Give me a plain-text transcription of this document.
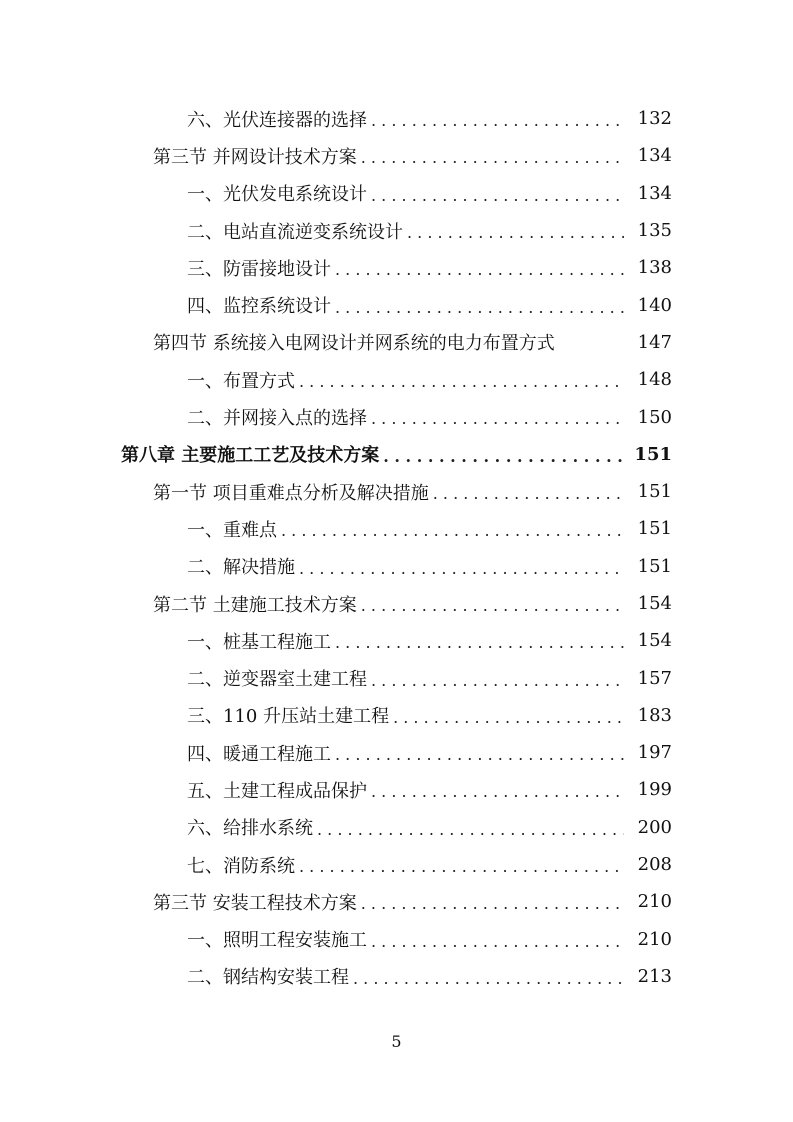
六、光伏连接器的选择 . . .	132
第三节 并网设计技术方案 . . .	134
一、光伏发电系统设计 . . .	134
二、电站直流逆变系统设计 . . .	135
三、防雷接地设计 . . .	138
四、监控系统设计 . . .	140
第四节 系统接入电网设计并网系统的电力布置方式	147
一、布置方式 . . .	148
二、并网接入点的选择 . . .	150
第八章 主要施工工艺及技术方案 . . .	151
第一节 项目重难点分析及解决措施 . . .	151
一、重难点 . . .	151
二、解决措施 . . .	151
第二节 土建施工技术方案 . . .	154
一、桩基工程施工 . . .	154
二、逆变器室土建工程 . . .	157
三、110 升压站土建工程 . . .	183
四、暖通工程施工 . . .	197
五、土建工程成品保护 . . .	199
六、给排水系统 . . .	200
七、消防系统 . . .	208
第三节 安装工程技术方案 . . .	210
一、照明工程安装施工 . . .	210
二、钢结构安装工程 . . .	213
5
